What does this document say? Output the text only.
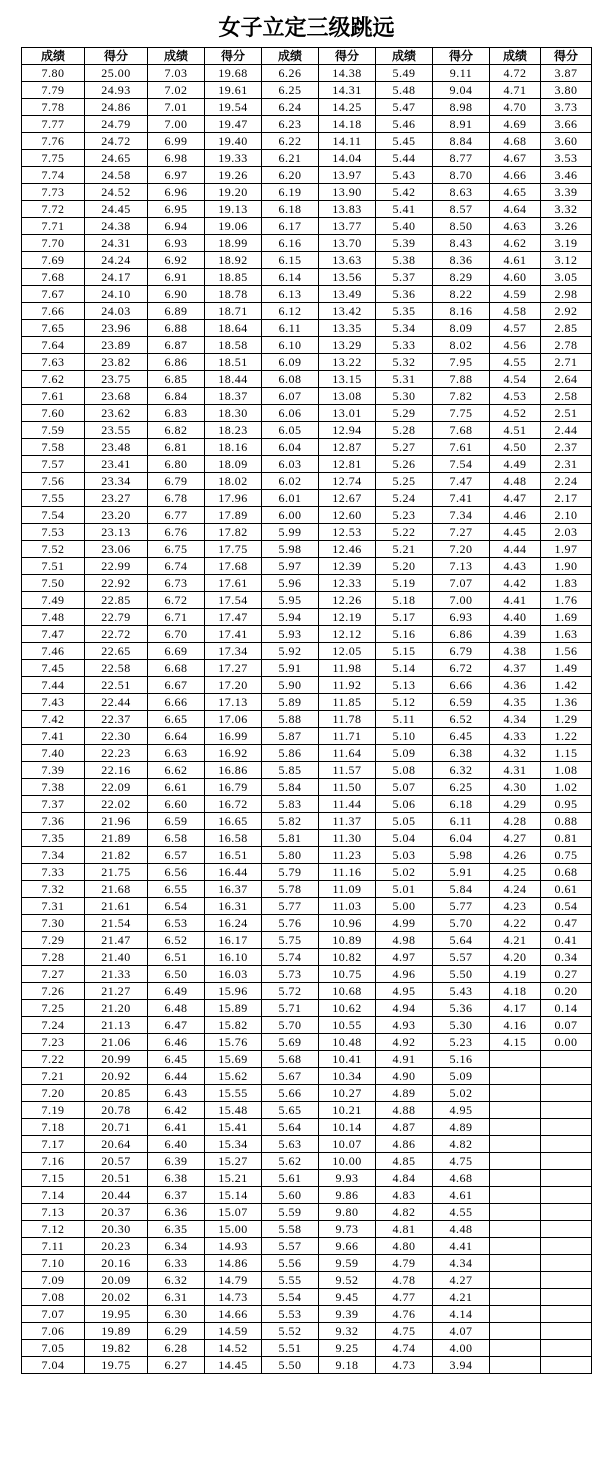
女子立定三级跳远
成绩	得分	成绩	得分	成绩	得分	成绩	得分	成绩	得分
7.80	25.00	7.03	19.68	6.26	14.38	5.49	9.11	4.72	3.87
7.79	24.93	7.02	19.61	6.25	14.31	5.48	9.04	4.71	3.80
7.78	24.86	7.01	19.54	6.24	14.25	5.47	8.98	4.70	3.73
7.77	24.79	7.00	19.47	6.23	14.18	5.46	8.91	4.69	3.66
7.76	24.72	6.99	19.40	6.22	14.11	5.45	8.84	4.68	3.60
7.75	24.65	6.98	19.33	6.21	14.04	5.44	8.77	4.67	3.53
7.74	24.58	6.97	19.26	6.20	13.97	5.43	8.70	4.66	3.46
7.73	24.52	6.96	19.20	6.19	13.90	5.42	8.63	4.65	3.39
7.72	24.45	6.95	19.13	6.18	13.83	5.41	8.57	4.64	3.32
7.71	24.38	6.94	19.06	6.17	13.77	5.40	8.50	4.63	3.26
7.70	24.31	6.93	18.99	6.16	13.70	5.39	8.43	4.62	3.19
7.69	24.24	6.92	18.92	6.15	13.63	5.38	8.36	4.61	3.12
7.68	24.17	6.91	18.85	6.14	13.56	5.37	8.29	4.60	3.05
7.67	24.10	6.90	18.78	6.13	13.49	5.36	8.22	4.59	2.98
7.66	24.03	6.89	18.71	6.12	13.42	5.35	8.16	4.58	2.92
7.65	23.96	6.88	18.64	6.11	13.35	5.34	8.09	4.57	2.85
7.64	23.89	6.87	18.58	6.10	13.29	5.33	8.02	4.56	2.78
7.63	23.82	6.86	18.51	6.09	13.22	5.32	7.95	4.55	2.71
7.62	23.75	6.85	18.44	6.08	13.15	5.31	7.88	4.54	2.64
7.61	23.68	6.84	18.37	6.07	13.08	5.30	7.82	4.53	2.58
7.60	23.62	6.83	18.30	6.06	13.01	5.29	7.75	4.52	2.51
7.59	23.55	6.82	18.23	6.05	12.94	5.28	7.68	4.51	2.44
7.58	23.48	6.81	18.16	6.04	12.87	5.27	7.61	4.50	2.37
7.57	23.41	6.80	18.09	6.03	12.81	5.26	7.54	4.49	2.31
7.56	23.34	6.79	18.02	6.02	12.74	5.25	7.47	4.48	2.24
7.55	23.27	6.78	17.96	6.01	12.67	5.24	7.41	4.47	2.17
7.54	23.20	6.77	17.89	6.00	12.60	5.23	7.34	4.46	2.10
7.53	23.13	6.76	17.82	5.99	12.53	5.22	7.27	4.45	2.03
7.52	23.06	6.75	17.75	5.98	12.46	5.21	7.20	4.44	1.97
7.51	22.99	6.74	17.68	5.97	12.39	5.20	7.13	4.43	1.90
7.50	22.92	6.73	17.61	5.96	12.33	5.19	7.07	4.42	1.83
7.49	22.85	6.72	17.54	5.95	12.26	5.18	7.00	4.41	1.76
7.48	22.79	6.71	17.47	5.94	12.19	5.17	6.93	4.40	1.69
7.47	22.72	6.70	17.41	5.93	12.12	5.16	6.86	4.39	1.63
7.46	22.65	6.69	17.34	5.92	12.05	5.15	6.79	4.38	1.56
7.45	22.58	6.68	17.27	5.91	11.98	5.14	6.72	4.37	1.49
7.44	22.51	6.67	17.20	5.90	11.92	5.13	6.66	4.36	1.42
7.43	22.44	6.66	17.13	5.89	11.85	5.12	6.59	4.35	1.36
7.42	22.37	6.65	17.06	5.88	11.78	5.11	6.52	4.34	1.29
7.41	22.30	6.64	16.99	5.87	11.71	5.10	6.45	4.33	1.22
7.40	22.23	6.63	16.92	5.86	11.64	5.09	6.38	4.32	1.15
7.39	22.16	6.62	16.86	5.85	11.57	5.08	6.32	4.31	1.08
7.38	22.09	6.61	16.79	5.84	11.50	5.07	6.25	4.30	1.02
7.37	22.02	6.60	16.72	5.83	11.44	5.06	6.18	4.29	0.95
7.36	21.96	6.59	16.65	5.82	11.37	5.05	6.11	4.28	0.88
7.35	21.89	6.58	16.58	5.81	11.30	5.04	6.04	4.27	0.81
7.34	21.82	6.57	16.51	5.80	11.23	5.03	5.98	4.26	0.75
7.33	21.75	6.56	16.44	5.79	11.16	5.02	5.91	4.25	0.68
7.32	21.68	6.55	16.37	5.78	11.09	5.01	5.84	4.24	0.61
7.31	21.61	6.54	16.31	5.77	11.03	5.00	5.77	4.23	0.54
7.30	21.54	6.53	16.24	5.76	10.96	4.99	5.70	4.22	0.47
7.29	21.47	6.52	16.17	5.75	10.89	4.98	5.64	4.21	0.41
7.28	21.40	6.51	16.10	5.74	10.82	4.97	5.57	4.20	0.34
7.27	21.33	6.50	16.03	5.73	10.75	4.96	5.50	4.19	0.27
7.26	21.27	6.49	15.96	5.72	10.68	4.95	5.43	4.18	0.20
7.25	21.20	6.48	15.89	5.71	10.62	4.94	5.36	4.17	0.14
7.24	21.13	6.47	15.82	5.70	10.55	4.93	5.30	4.16	0.07
7.23	21.06	6.46	15.76	5.69	10.48	4.92	5.23	4.15	0.00
7.22	20.99	6.45	15.69	5.68	10.41	4.91	5.16		
7.21	20.92	6.44	15.62	5.67	10.34	4.90	5.09		
7.20	20.85	6.43	15.55	5.66	10.27	4.89	5.02		
7.19	20.78	6.42	15.48	5.65	10.21	4.88	4.95		
7.18	20.71	6.41	15.41	5.64	10.14	4.87	4.89		
7.17	20.64	6.40	15.34	5.63	10.07	4.86	4.82		
7.16	20.57	6.39	15.27	5.62	10.00	4.85	4.75		
7.15	20.51	6.38	15.21	5.61	9.93	4.84	4.68		
7.14	20.44	6.37	15.14	5.60	9.86	4.83	4.61		
7.13	20.37	6.36	15.07	5.59	9.80	4.82	4.55		
7.12	20.30	6.35	15.00	5.58	9.73	4.81	4.48		
7.11	20.23	6.34	14.93	5.57	9.66	4.80	4.41		
7.10	20.16	6.33	14.86	5.56	9.59	4.79	4.34		
7.09	20.09	6.32	14.79	5.55	9.52	4.78	4.27		
7.08	20.02	6.31	14.73	5.54	9.45	4.77	4.21		
7.07	19.95	6.30	14.66	5.53	9.39	4.76	4.14		
7.06	19.89	6.29	14.59	5.52	9.32	4.75	4.07		
7.05	19.82	6.28	14.52	5.51	9.25	4.74	4.00		
7.04	19.75	6.27	14.45	5.50	9.18	4.73	3.94		
